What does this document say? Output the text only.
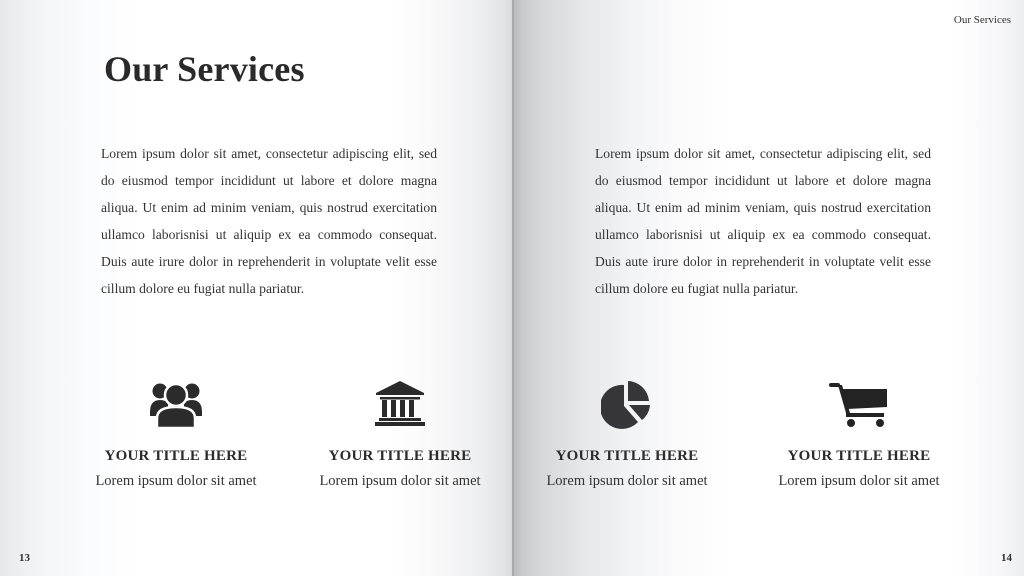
Our Services
Our Services

Lorem ipsum dolor sit amet, consectetur adipiscing elit, sed do eiusmod tempor incididunt ut labore et dolore magna aliqua. Ut enim ad minim veniam, quis nostrud exercitation ullamco laborisnisi ut aliquip ex ea commodo consequat. Duis aute irure dolor in reprehenderit in voluptate velit esse cillum dolore eu fugiat nulla pariatur.

Lorem ipsum dolor sit amet, consectetur adipiscing elit, sed do eiusmod tempor incididunt ut labore et dolore magna aliqua. Ut enim ad minim veniam, quis nostrud exercitation ullamco laborisnisi ut aliquip ex ea commodo consequat. Duis aute irure dolor in reprehenderit in voluptate velit esse cillum dolore eu fugiat nulla pariatur.

YOUR TITLE HERE
Lorem ipsum dolor sit amet
YOUR TITLE HERE
Lorem ipsum dolor sit amet
YOUR TITLE HERE
Lorem ipsum dolor sit amet
YOUR TITLE HERE
Lorem ipsum dolor sit amet
13	14
